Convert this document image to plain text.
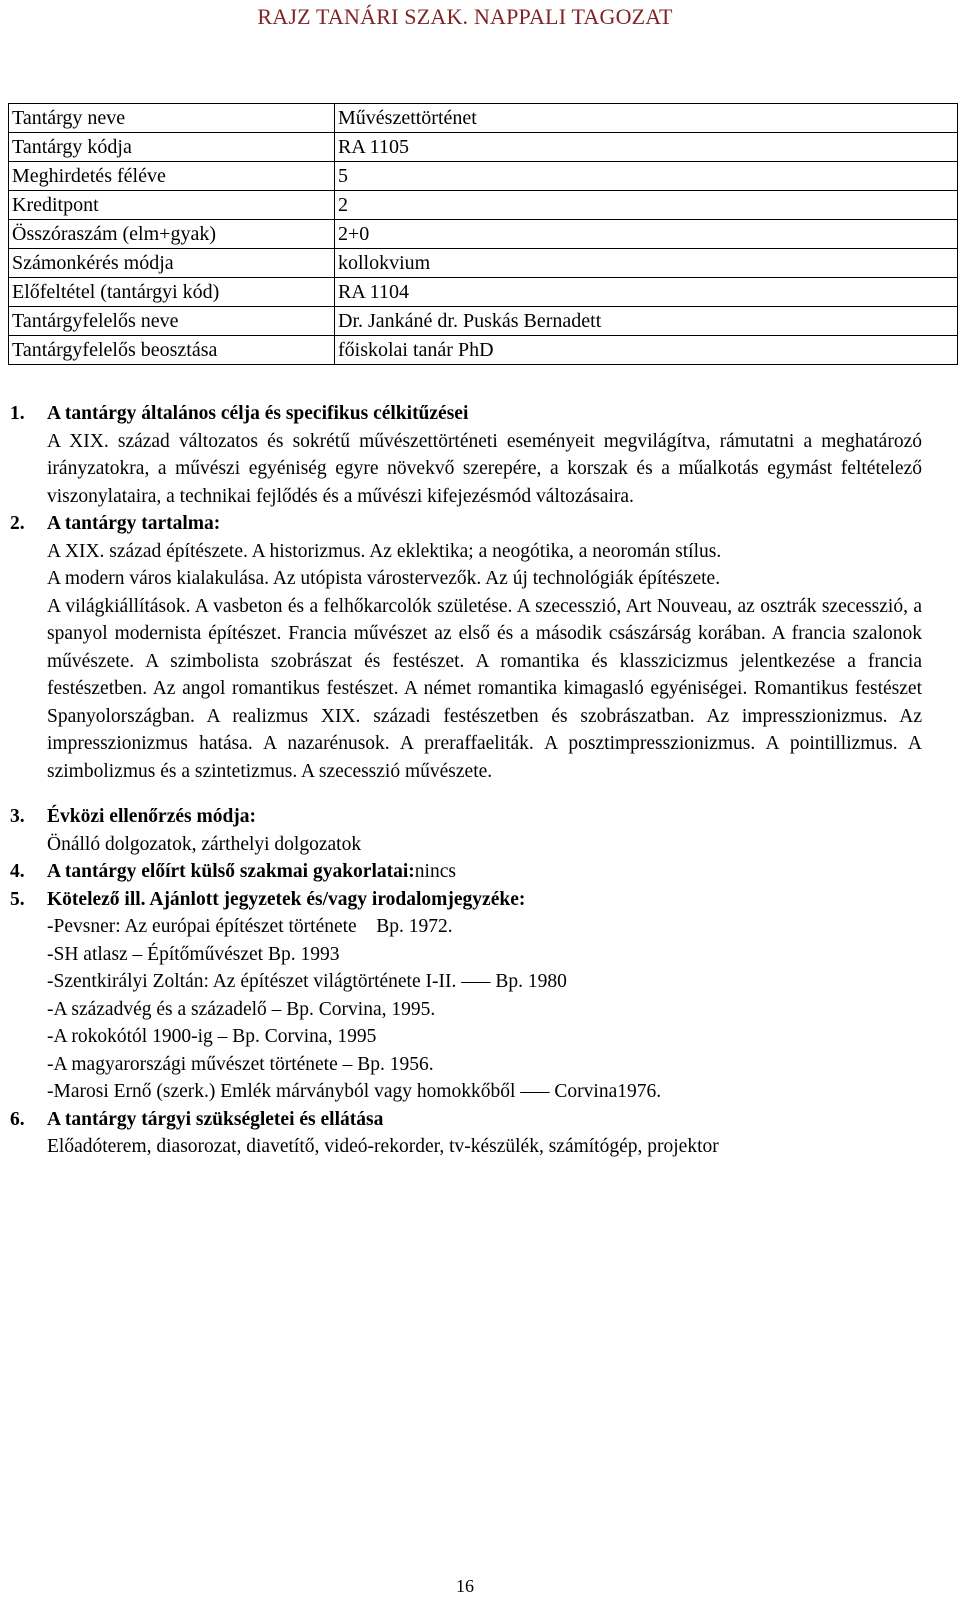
RAJZ TANÁRI SZAK. NAPPALI TAGOZAT
Tantárgy neve	Művészettörténet
Tantárgy kódja	RA 1105
Meghirdetés féléve	5
Kreditpont	2
Összóraszám (elm+gyak)	2+0
Számonkérés módja	kollokvium
Előfeltétel (tantárgyi kód)	RA 1104
Tantárgyfelelős neve	Dr. Jankáné dr. Puskás Bernadett
Tantárgyfelelős beosztása	főiskolai tanár PhD
1.	A tantárgy általános célja és specifikus célkitűzései
A XIX. század változatos és sokrétű művészettörténeti eseményeit megvilágítva, rámutatni a meghatározó irányzatokra, a művészi egyéniség egyre növekvő szerepére, a korszak és a műalkotás egymást feltételező viszonylataira, a technikai fejlődés és a művészi kifejezésmód változásaira.
2.	A tantárgy tartalma:
A XIX. század építészete. A historizmus. Az eklektika; a neogótika, a neoromán stílus.
A modern város kialakulása. Az utópista várostervezők. Az új technológiák építészete.
A világkiállítások. A vasbeton és a felhőkarcolók születése. A szecesszió, Art Nouveau, az osztrák szecesszió, a spanyol modernista építészet. Francia művészet az első és a második császárság korában. A francia szalonok művészete. A szimbolista szobrászat és festészet. A romantika és klasszicizmus jelentkezése a francia festészetben. Az angol romantikus festészet. A német romantika kimagasló egyéniségei. Romantikus festészet Spanyolországban. A realizmus XIX. századi festészetben és szobrászatban. Az impresszionizmus. Az impresszionizmus hatása. A nazarénusok. A preraffaeliták. A posztimpresszionizmus. A pointillizmus. A szimbolizmus és a szintetizmus. A szecesszió művészete.
3.	Évközi ellenőrzés módja:
Önálló dolgozatok, zárthelyi dolgozatok
4.	A tantárgy előírt külső szakmai gyakorlatai:nincs
5.	Kötelező ill. Ajánlott jegyzetek és/vagy irodalomjegyzéke:
-Pevsner: Az európai építészet története    Bp. 1972.
-SH atlasz – Építőművészet Bp. 1993
-Szentkirályi Zoltán: Az építészet világtörténete I-II. —– Bp. 1980
-A századvég és a századelő – Bp. Corvina, 1995.
-A rokokótól 1900-ig – Bp. Corvina, 1995
-A magyarországi művészet története – Bp. 1956.
-Marosi Ernő (szerk.) Emlék márványból vagy homokkőből —– Corvina1976.
6.	A tantárgy tárgyi szükségletei és ellátása
Előadóterem, diasorozat, diavetítő, videó-rekorder, tv-készülék, számítógép, projektor
16
